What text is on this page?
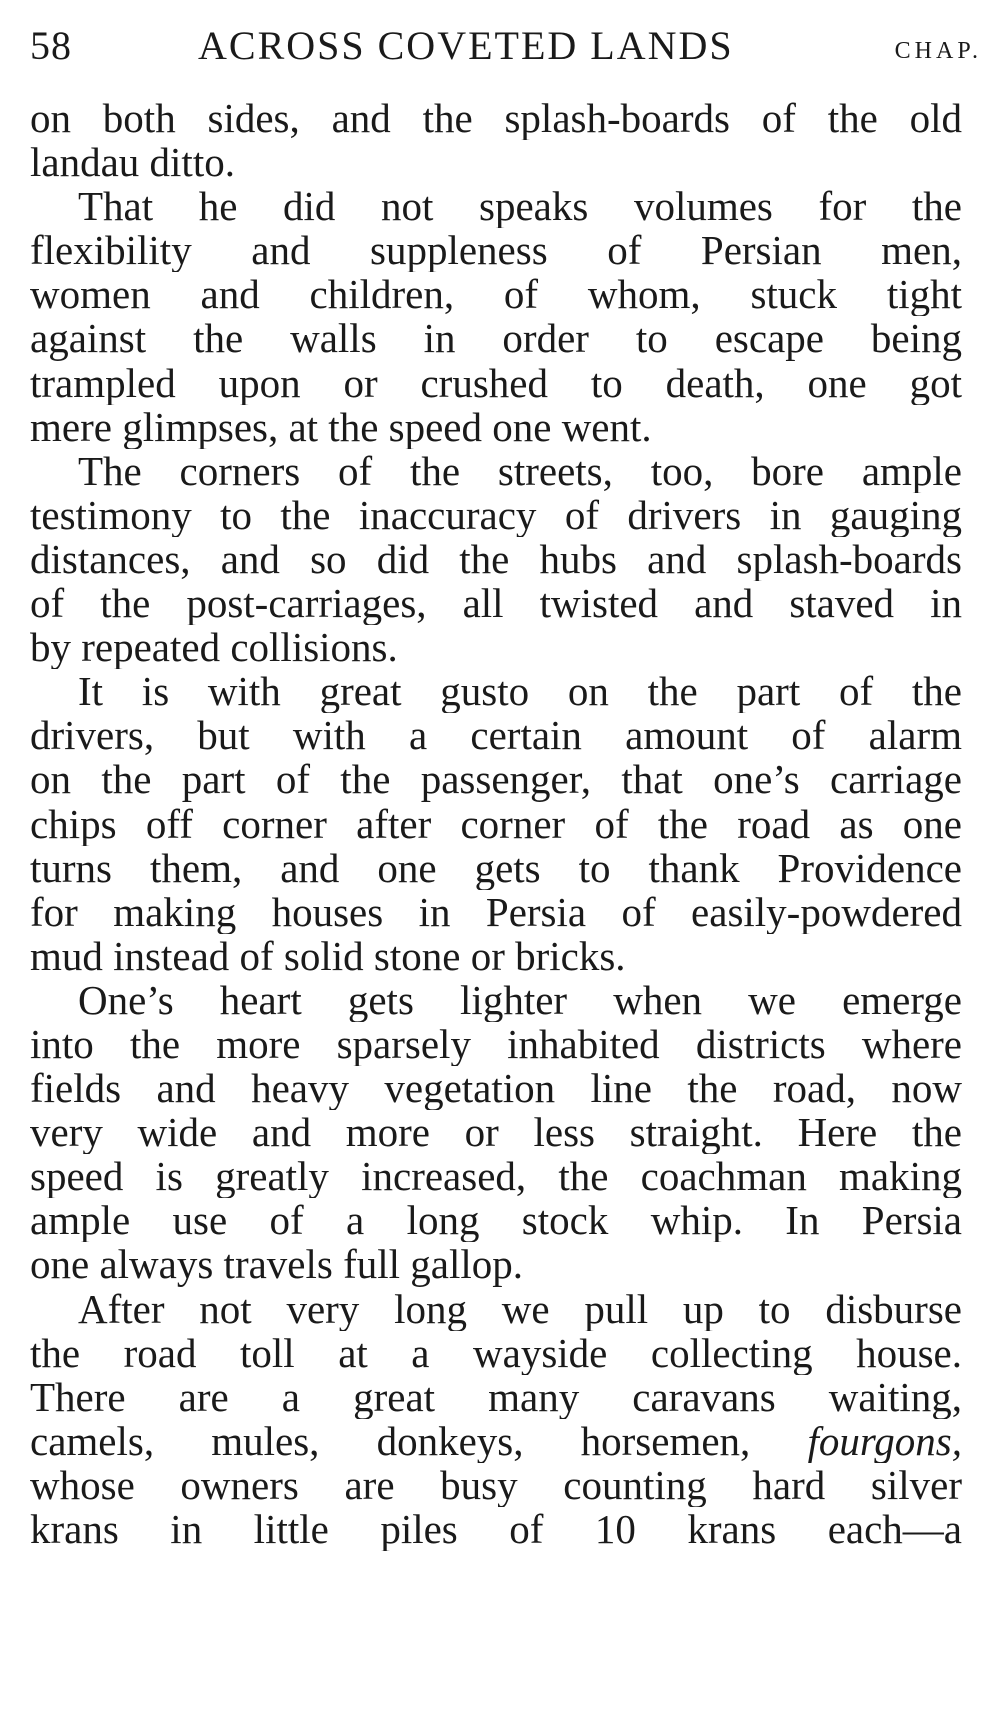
58	ACROSS COVETED LANDS	CHAP.
on both sides, and the splash-boards of the old
landau ditto.
That he did not speaks volumes for the
flexibility and suppleness of Persian men,
women and children, of whom, stuck tight
against the walls in order to escape being
trampled upon or crushed to death, one got
mere glimpses, at the speed one went.
The corners of the streets, too, bore ample
testimony to the inaccuracy of drivers in gauging
distances, and so did the hubs and splash-boards
of the post-carriages, all twisted and staved in
by repeated collisions.
It is with great gusto on the part of the
drivers, but with a certain amount of alarm
on the part of the passenger, that one’s carriage
chips off corner after corner of the road as one
turns them, and one gets to thank Providence
for making houses in Persia of easily-powdered
mud instead of solid stone or bricks.
One’s heart gets lighter when we emerge
into the more sparsely inhabited districts where
fields and heavy vegetation line the road, now
very wide and more or less straight. Here the
speed is greatly increased, the coachman making
ample use of a long stock whip. In Persia
one always travels full gallop.
After not very long we pull up to disburse
the road toll at a wayside collecting house.
There are a great many caravans waiting,
camels, mules, donkeys, horsemen, fourgons,
whose owners are busy counting hard silver
krans in little piles of 10 krans each—a
